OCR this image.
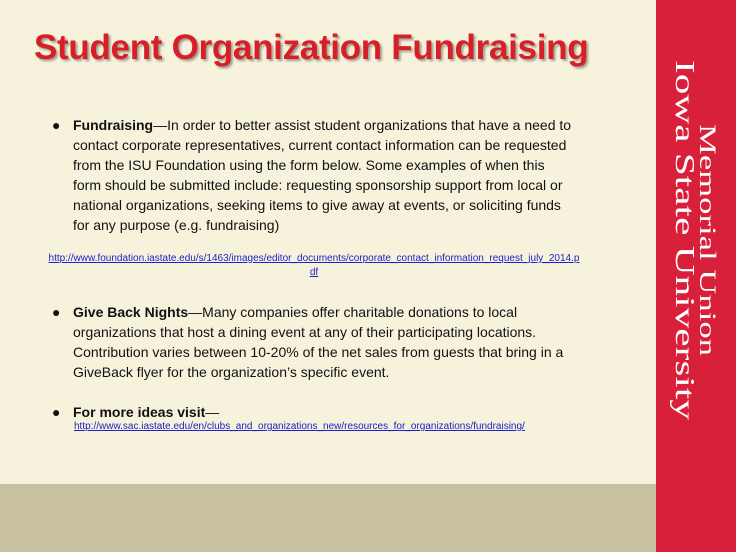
Iowa State University
Memorial Union
Student Organization Fundraising
● Fundraising—In order to better assist student organizations that have a need to contact corporate representatives, current contact information can be requested from the ISU Foundation using the form below. Some examples of when this form should be submitted include: requesting sponsorship support from local or national organizations, seeking items to give away at events, or soliciting funds for any purpose (e.g. fundraising)
http://www.foundation.iastate.edu/s/1463/images/editor_documents/corporate_contact_information_request_july_2014.pdf
● Give Back Nights—Many companies offer charitable donations to local organizations that host a dining event at any of their participating locations. Contribution varies between 10-20% of the net sales from guests that bring in a GiveBack flyer for the organization’s specific event.
● For more ideas visit—
http://www.sac.iastate.edu/en/clubs_and_organizations_new/resources_for_organizations/fundraising/
